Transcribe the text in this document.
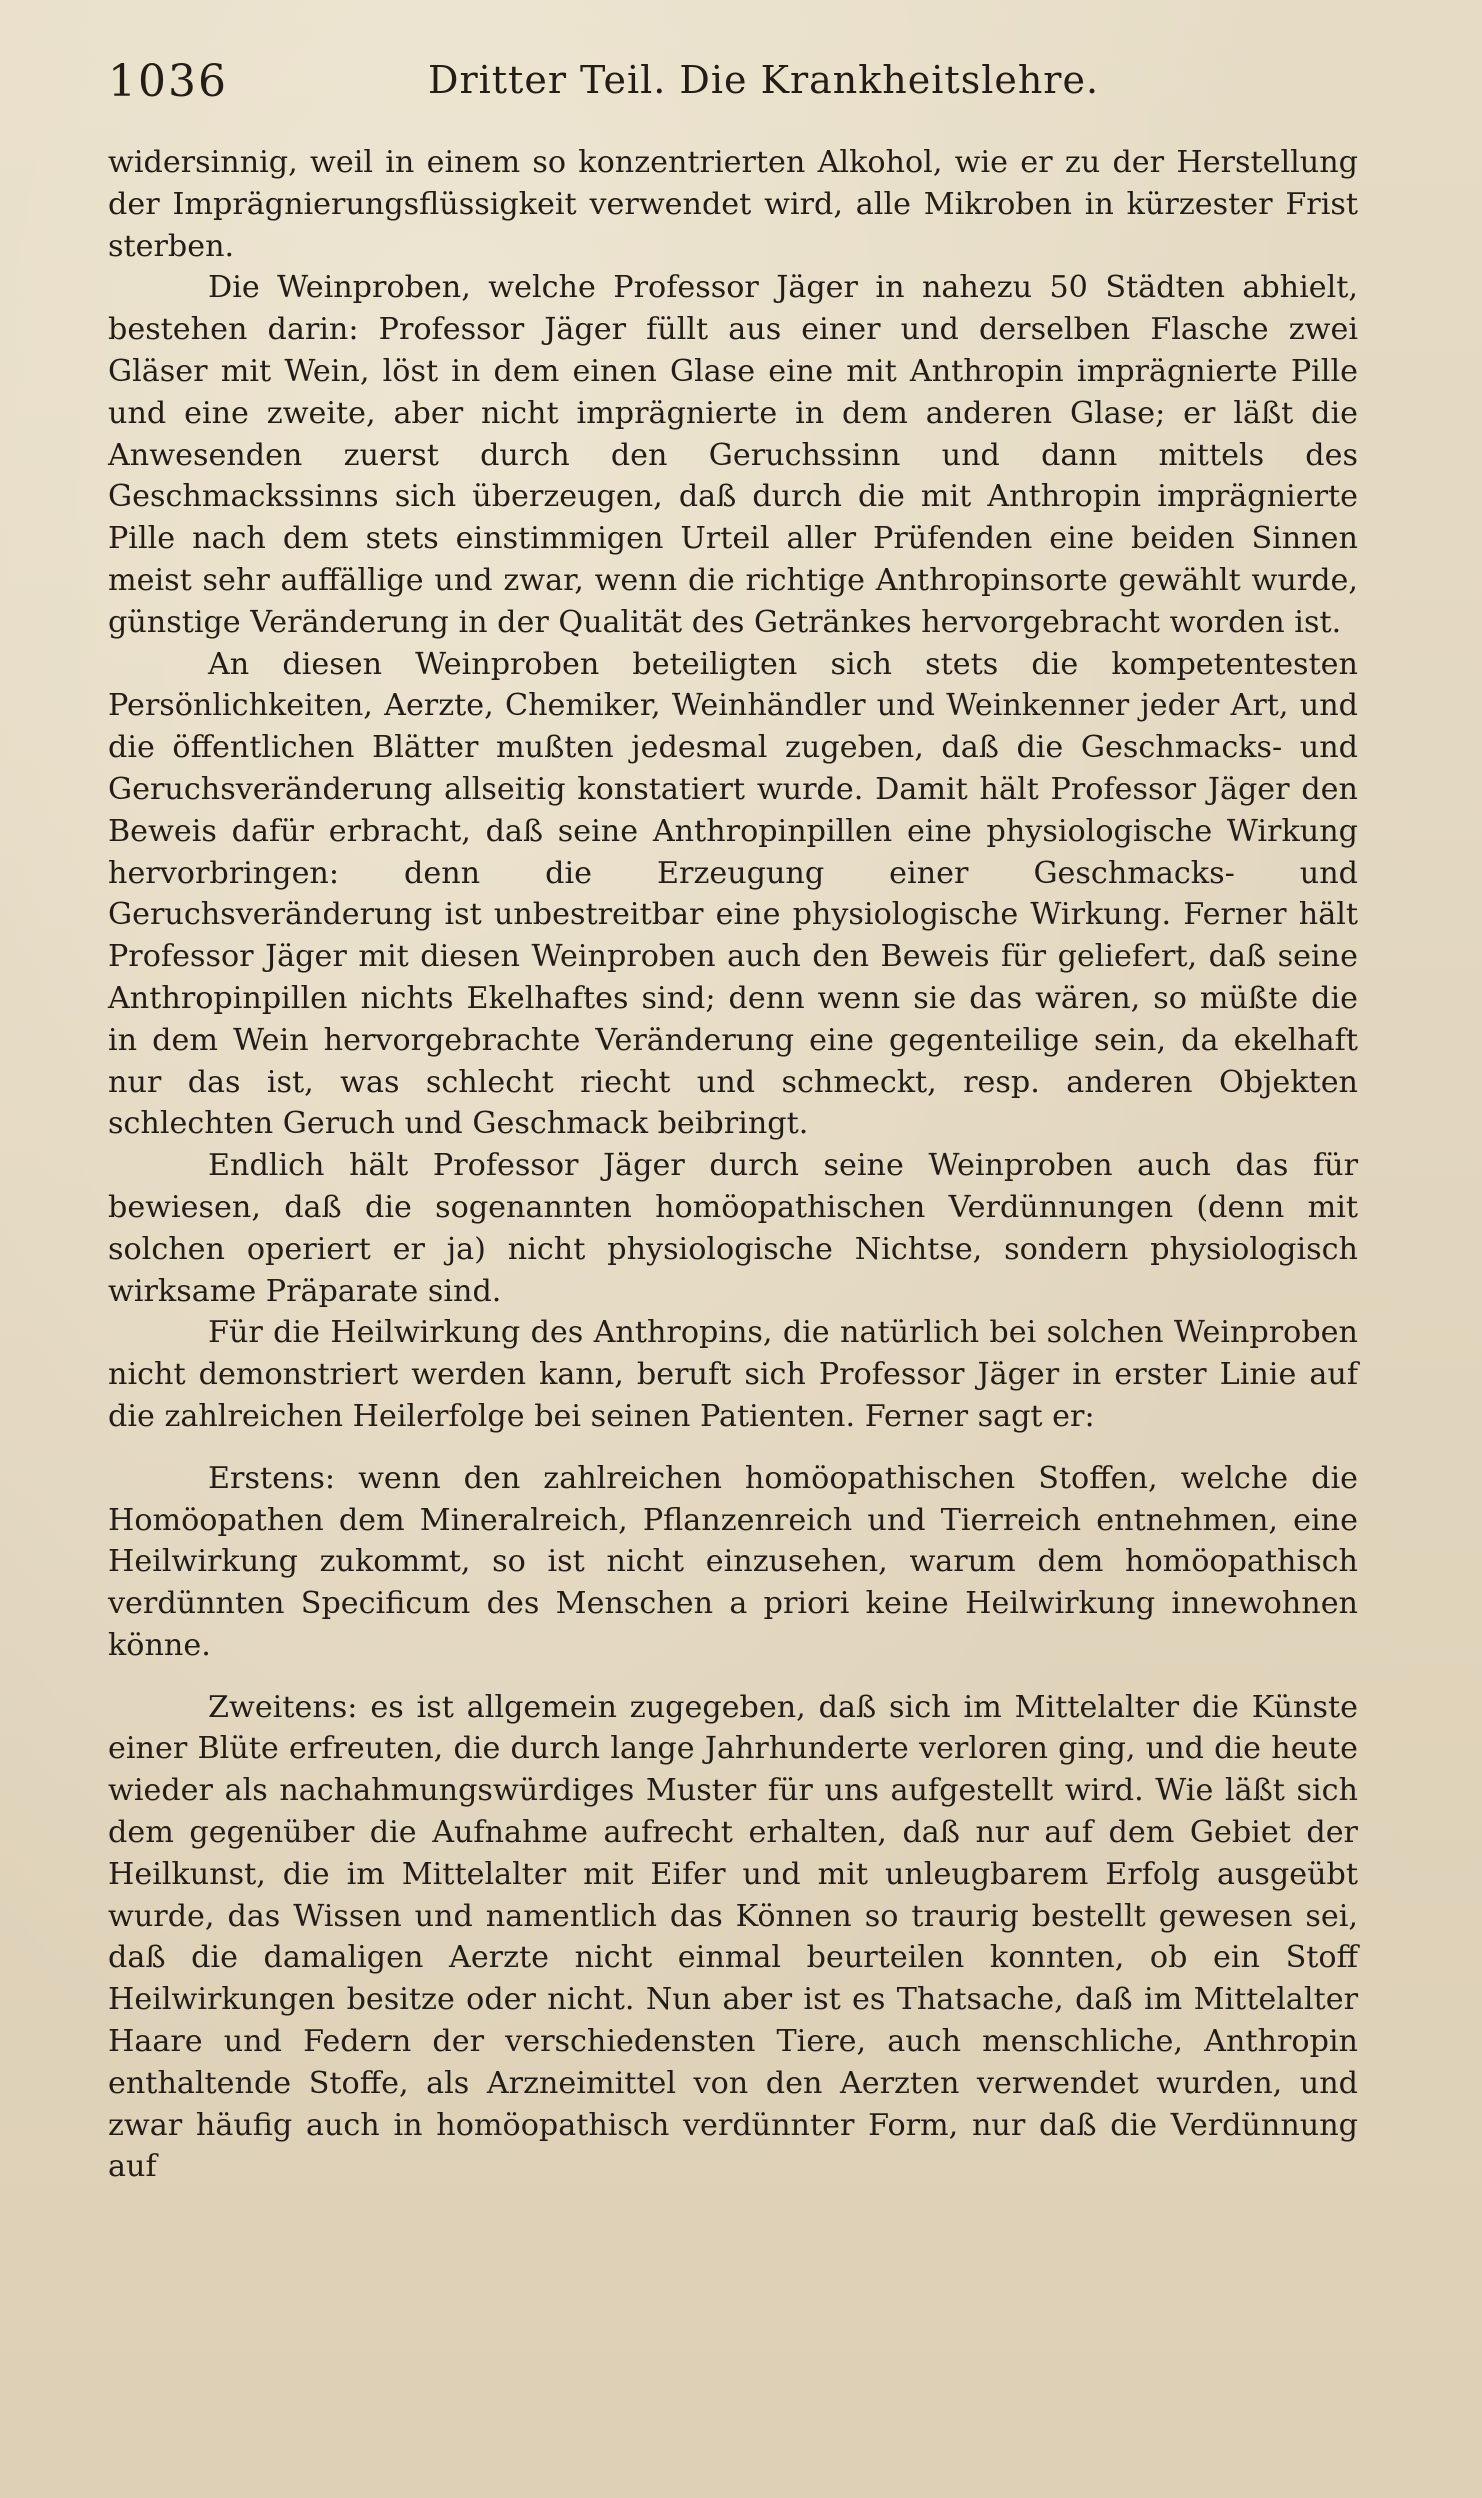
1036	Dritter Teil. Die Krankheitslehre.

widersinnig, weil in einem so konzentrierten Alkohol, wie er zu der Herstellung der Imprägnierungsflüssigkeit verwendet wird, alle Mikroben in kürzester Frist sterben.

Die Weinproben, welche Professor Jäger in nahezu 50 Städten abhielt, bestehen darin: Professor Jäger füllt aus einer und derselben Flasche zwei Gläser mit Wein, löst in dem einen Glase eine mit Anthropin imprägnierte Pille und eine zweite, aber nicht imprägnierte in dem anderen Glase; er läßt die Anwesenden zuerst durch den Geruchssinn und dann mittels des Geschmackssinns sich überzeugen, daß durch die mit Anthropin imprägnierte Pille nach dem stets einstimmigen Urteil aller Prüfenden eine beiden Sinnen meist sehr auffällige und zwar, wenn die richtige Anthropinsorte gewählt wurde, günstige Veränderung in der Qualität des Getränkes hervorgebracht worden ist.

An diesen Weinproben beteiligten sich stets die kompetentesten Persönlichkeiten, Aerzte, Chemiker, Weinhändler und Weinkenner jeder Art, und die öffentlichen Blätter mußten jedesmal zugeben, daß die Geschmacks- und Geruchsveränderung allseitig konstatiert wurde. Damit hält Professor Jäger den Beweis dafür erbracht, daß seine Anthropinpillen eine physiologische Wirkung hervorbringen: denn die Erzeugung einer Geschmacks- und Geruchsveränderung ist unbestreitbar eine physiologische Wirkung. Ferner hält Professor Jäger mit diesen Weinproben auch den Beweis für geliefert, daß seine Anthropinpillen nichts Ekelhaftes sind; denn wenn sie das wären, so müßte die in dem Wein hervorgebrachte Veränderung eine gegenteilige sein, da ekelhaft nur das ist, was schlecht riecht und schmeckt, resp. anderen Objekten schlechten Geruch und Geschmack beibringt.

Endlich hält Professor Jäger durch seine Weinproben auch das für bewiesen, daß die sogenannten homöopathischen Verdünnungen (denn mit solchen operiert er ja) nicht physiologische Nichtse, sondern physiologisch wirksame Präparate sind.

Für die Heilwirkung des Anthropins, die natürlich bei solchen Weinproben nicht demonstriert werden kann, beruft sich Professor Jäger in erster Linie auf die zahlreichen Heilerfolge bei seinen Patienten. Ferner sagt er:

Erstens: wenn den zahlreichen homöopathischen Stoffen, welche die Homöopathen dem Mineralreich, Pflanzenreich und Tierreich entnehmen, eine Heilwirkung zukommt, so ist nicht einzusehen, warum dem homöopathisch verdünnten Specificum des Menschen a priori keine Heilwirkung innewohnen könne.

Zweitens: es ist allgemein zugegeben, daß sich im Mittelalter die Künste einer Blüte erfreuten, die durch lange Jahrhunderte verloren ging, und die heute wieder als nachahmungswürdiges Muster für uns aufgestellt wird. Wie läßt sich dem gegenüber die Aufnahme aufrecht erhalten, daß nur auf dem Gebiet der Heilkunst, die im Mittelalter mit Eifer und mit unleugbarem Erfolg ausgeübt wurde, das Wissen und namentlich das Können so traurig bestellt gewesen sei, daß die damaligen Aerzte nicht einmal beurteilen konnten, ob ein Stoff Heilwirkungen besitze oder nicht. Nun aber ist es Thatsache, daß im Mittelalter Haare und Federn der verschiedensten Tiere, auch menschliche, Anthropin enthaltende Stoffe, als Arzneimittel von den Aerzten verwendet wurden, und zwar häufig auch in homöopathisch verdünnter Form, nur daß die Verdünnung auf
